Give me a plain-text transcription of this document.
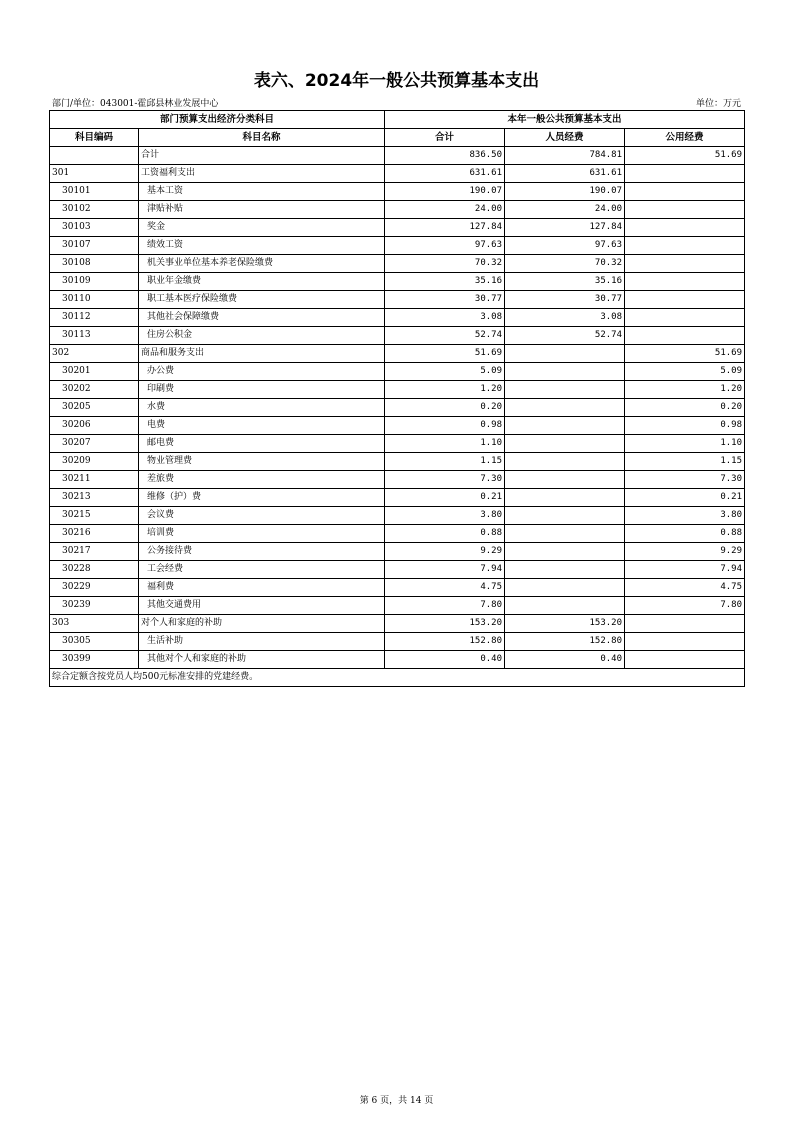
表六、2024年一般公共预算基本支出
部门/单位：043001-霍邱县林业发展中心	单位：万元
部门预算支出经济分类科目		本年一般公共预算基本支出		
科目编码	科目名称	合计	人员经费	公用经费
	合计	836.50	784.81	51.69
301	工资福利支出	631.61	631.61	
30101	基本工资	190.07	190.07	
30102	津贴补贴	24.00	24.00	
30103	奖金	127.84	127.84	
30107	绩效工资	97.63	97.63	
30108	机关事业单位基本养老保险缴费	70.32	70.32	
30109	职业年金缴费	35.16	35.16	
30110	职工基本医疗保险缴费	30.77	30.77	
30112	其他社会保障缴费	3.08	3.08	
30113	住房公积金	52.74	52.74	
302	商品和服务支出	51.69		51.69
30201	办公费	5.09		5.09
30202	印刷费	1.20		1.20
30205	水费	0.20		0.20
30206	电费	0.98		0.98
30207	邮电费	1.10		1.10
30209	物业管理费	1.15		1.15
30211	差旅费	7.30		7.30
30213	维修（护）费	0.21		0.21
30215	会议费	3.80		3.80
30216	培训费	0.88		0.88
30217	公务接待费	9.29		9.29
30228	工会经费	7.94		7.94
30229	福利费	4.75		4.75
30239	其他交通费用	7.80		7.80
303	对个人和家庭的补助	153.20	153.20	
30305	生活补助	152.80	152.80	
30399	其他对个人和家庭的补助	0.40	0.40	
综合定额含按党员人均500元标准安排的党建经费。				
第 6 页，共 14 页
